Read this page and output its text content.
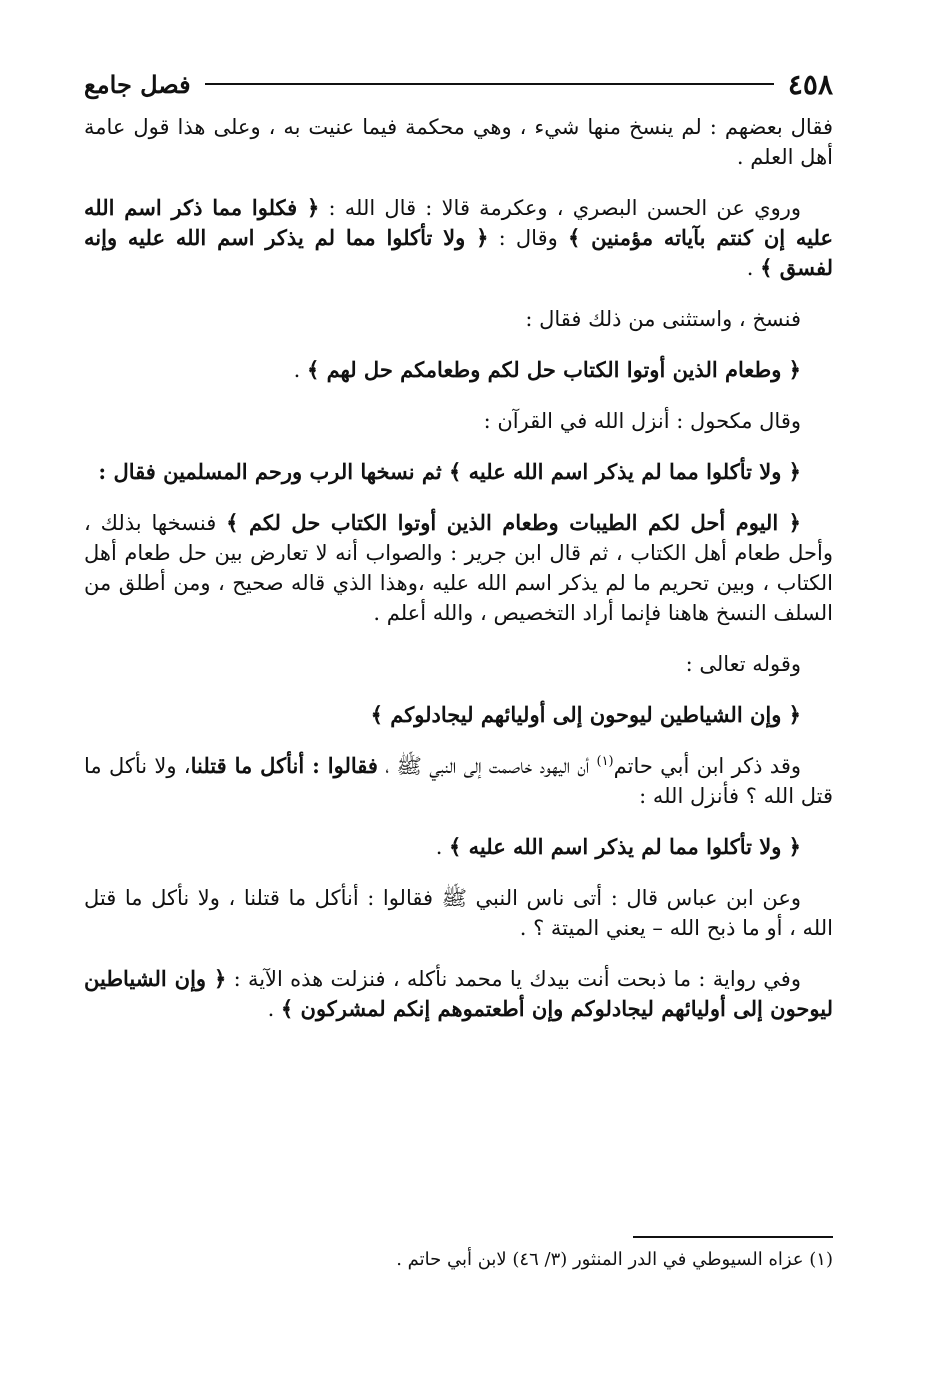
٤٥٨
فصل جامع

فقال بعضهم : لم ينسخ منها شيء ، وهي محكمة فيما عنيت به ، وعلى هذا قول عامة أهل العلم .

وروي عن الحسن البصري ، وعكرمة قالا : قال الله : ﴿ فكلوا مما ذكر اسم الله عليه إن كنتم بآياته مؤمنين ﴾ وقال : ﴿ ولا تأكلوا مما لم يذكر اسم الله عليه وإنه لفسق ﴾ .

فنسخ ، واستثنى من ذلك فقال :

﴿ وطعام الذين أوتوا الكتاب حل لكم وطعامكم حل لهم ﴾ .

وقال مكحول : أنزل الله في القرآن :

﴿ ولا تأكلوا مما لم يذكر اسم الله عليه ﴾ ثم نسخها الرب ورحم المسلمين فقال :

﴿ اليوم أحل لكم الطيبات وطعام الذين أوتوا الكتاب حل لكم ﴾ فنسخها بذلك ، وأحل طعام أهل الكتاب ، ثم قال ابن جرير : والصواب أنه لا تعارض بين حل طعام أهل الكتاب ، وبين تحريم ما لم يذكر اسم الله عليه ،وهذا الذي قاله صحيح ، ومن أطلق من السلف النسخ هاهنا فإنما أراد التخصيص ، والله أعلم .

وقوله تعالى :

﴿ وإن الشياطين ليوحون إلى أوليائهم ليجادلوكم ﴾

وقد ذكر ابن أبي حاتم$^{(١)}$ أن اليهود خاصمت إلى النبي ﷺ ، فقالوا : أنأكل ما قتلنا، ولا نأكل ما قتل الله ؟ فأنزل الله :

﴿ ولا تأكلوا مما لم يذكر اسم الله عليه ﴾ .

وعن ابن عباس قال : أتى ناس النبي ﷺ فقالوا : أنأكل ما قتلنا ، ولا نأكل ما قتل الله ، أو ما ذبح الله – يعني الميتة ؟ .

وفي رواية : ما ذبحت أنت بيدك يا محمد نأكله ، فنزلت هذه الآية : ﴿ وإن الشياطين ليوحون إلى أوليائهم ليجادلوكم وإن أطعتموهم إنكم لمشركون ﴾ .

(١) عزاه السيوطي في الدر المنثور (٣/ ٤٦) لابن أبي حاتم .
